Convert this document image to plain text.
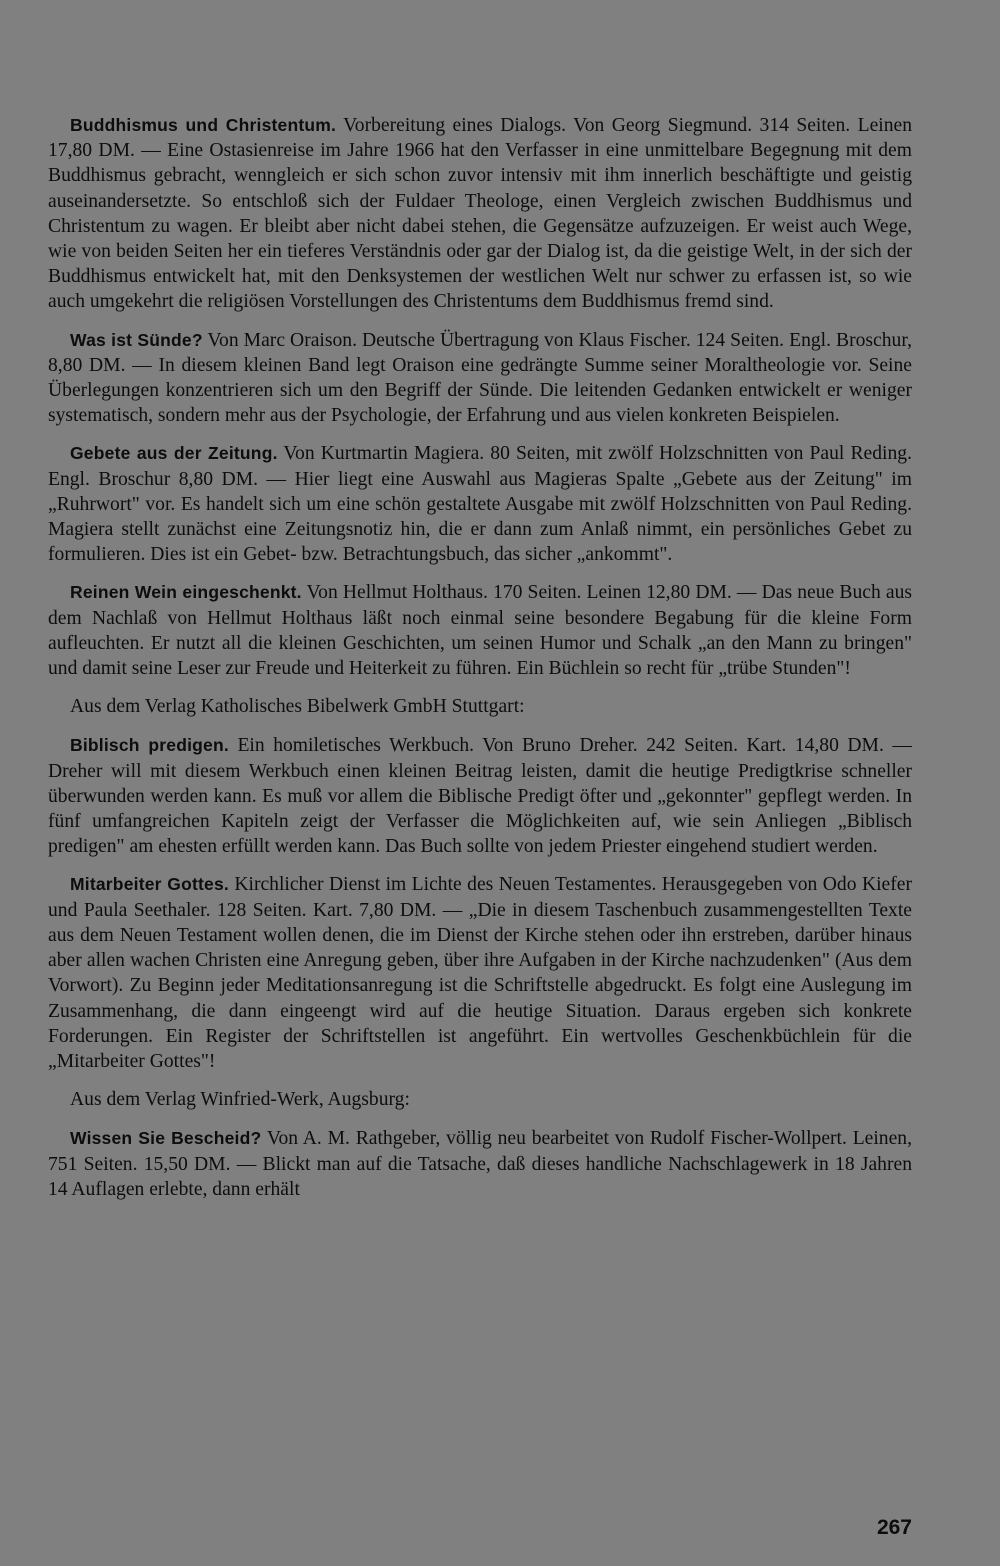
Buddhismus und Christentum. Vorbereitung eines Dialogs. Von Georg Siegmund. 314 Seiten. Leinen 17,80 DM. — Eine Ostasienreise im Jahre 1966 hat den Verfasser in eine unmittelbare Begegnung mit dem Buddhismus gebracht, wenngleich er sich schon zuvor intensiv mit ihm innerlich beschäftigte und geistig auseinandersetzte. So entschloß sich der Fuldaer Theologe, einen Vergleich zwischen Buddhismus und Christentum zu wagen. Er bleibt aber nicht dabei stehen, die Gegensätze aufzuzeigen. Er weist auch Wege, wie von beiden Seiten her ein tieferes Verständnis oder gar der Dialog ist, da die geistige Welt, in der sich der Buddhismus entwickelt hat, mit den Denksystemen der westlichen Welt nur schwer zu erfassen ist, so wie auch umgekehrt die religiösen Vorstellungen des Christentums dem Buddhismus fremd sind.

Was ist Sünde? Von Marc Oraison. Deutsche Übertragung von Klaus Fischer. 124 Seiten. Engl. Broschur, 8,80 DM. — In diesem kleinen Band legt Oraison eine gedrängte Summe seiner Moraltheologie vor. Seine Überlegungen konzentrieren sich um den Begriff der Sünde. Die leitenden Gedanken entwickelt er weniger systematisch, sondern mehr aus der Psychologie, der Erfahrung und aus vielen konkreten Beispielen.

Gebete aus der Zeitung. Von Kurtmartin Magiera. 80 Seiten, mit zwölf Holzschnitten von Paul Reding. Engl. Broschur 8,80 DM. — Hier liegt eine Auswahl aus Magieras Spalte „Gebete aus der Zeitung" im „Ruhrwort" vor. Es handelt sich um eine schön gestaltete Ausgabe mit zwölf Holzschnitten von Paul Reding. Magiera stellt zunächst eine Zeitungsnotiz hin, die er dann zum Anlaß nimmt, ein persönliches Gebet zu formulieren. Dies ist ein Gebet- bzw. Betrachtungsbuch, das sicher „ankommt".

Reinen Wein eingeschenkt. Von Hellmut Holthaus. 170 Seiten. Leinen 12,80 DM. — Das neue Buch aus dem Nachlaß von Hellmut Holthaus läßt noch einmal seine besondere Begabung für die kleine Form aufleuchten. Er nutzt all die kleinen Geschichten, um seinen Humor und Schalk „an den Mann zu bringen" und damit seine Leser zur Freude und Heiterkeit zu führen. Ein Büchlein so recht für „trübe Stunden"!

Aus dem Verlag Katholisches Bibelwerk GmbH Stuttgart:

Biblisch predigen. Ein homiletisches Werkbuch. Von Bruno Dreher. 242 Seiten. Kart. 14,80 DM. — Dreher will mit diesem Werkbuch einen kleinen Beitrag leisten, damit die heutige Predigtkrise schneller überwunden werden kann. Es muß vor allem die Biblische Predigt öfter und „gekonnter" gepflegt werden. In fünf umfangreichen Kapiteln zeigt der Verfasser die Möglichkeiten auf, wie sein Anliegen „Biblisch predigen" am ehesten erfüllt werden kann. Das Buch sollte von jedem Priester eingehend studiert werden.

Mitarbeiter Gottes. Kirchlicher Dienst im Lichte des Neuen Testamentes. Herausgegeben von Odo Kiefer und Paula Seethaler. 128 Seiten. Kart. 7,80 DM. — „Die in diesem Taschenbuch zusammengestellten Texte aus dem Neuen Testament wollen denen, die im Dienst der Kirche stehen oder ihn erstreben, darüber hinaus aber allen wachen Christen eine Anregung geben, über ihre Aufgaben in der Kirche nachzudenken" (Aus dem Vorwort). Zu Beginn jeder Meditationsanregung ist die Schriftstelle abgedruckt. Es folgt eine Auslegung im Zusammenhang, die dann eingeengt wird auf die heutige Situation. Daraus ergeben sich konkrete Forderungen. Ein Register der Schriftstellen ist angeführt. Ein wertvolles Geschenkbüchlein für die „Mitarbeiter Gottes"!

Aus dem Verlag Winfried-Werk, Augsburg:

Wissen Sie Bescheid? Von A. M. Rathgeber, völlig neu bearbeitet von Rudolf Fischer-Wollpert. Leinen, 751 Seiten. 15,50 DM. — Blickt man auf die Tatsache, daß dieses handliche Nachschlagewerk in 18 Jahren 14 Auflagen erlebte, dann erhält

267
